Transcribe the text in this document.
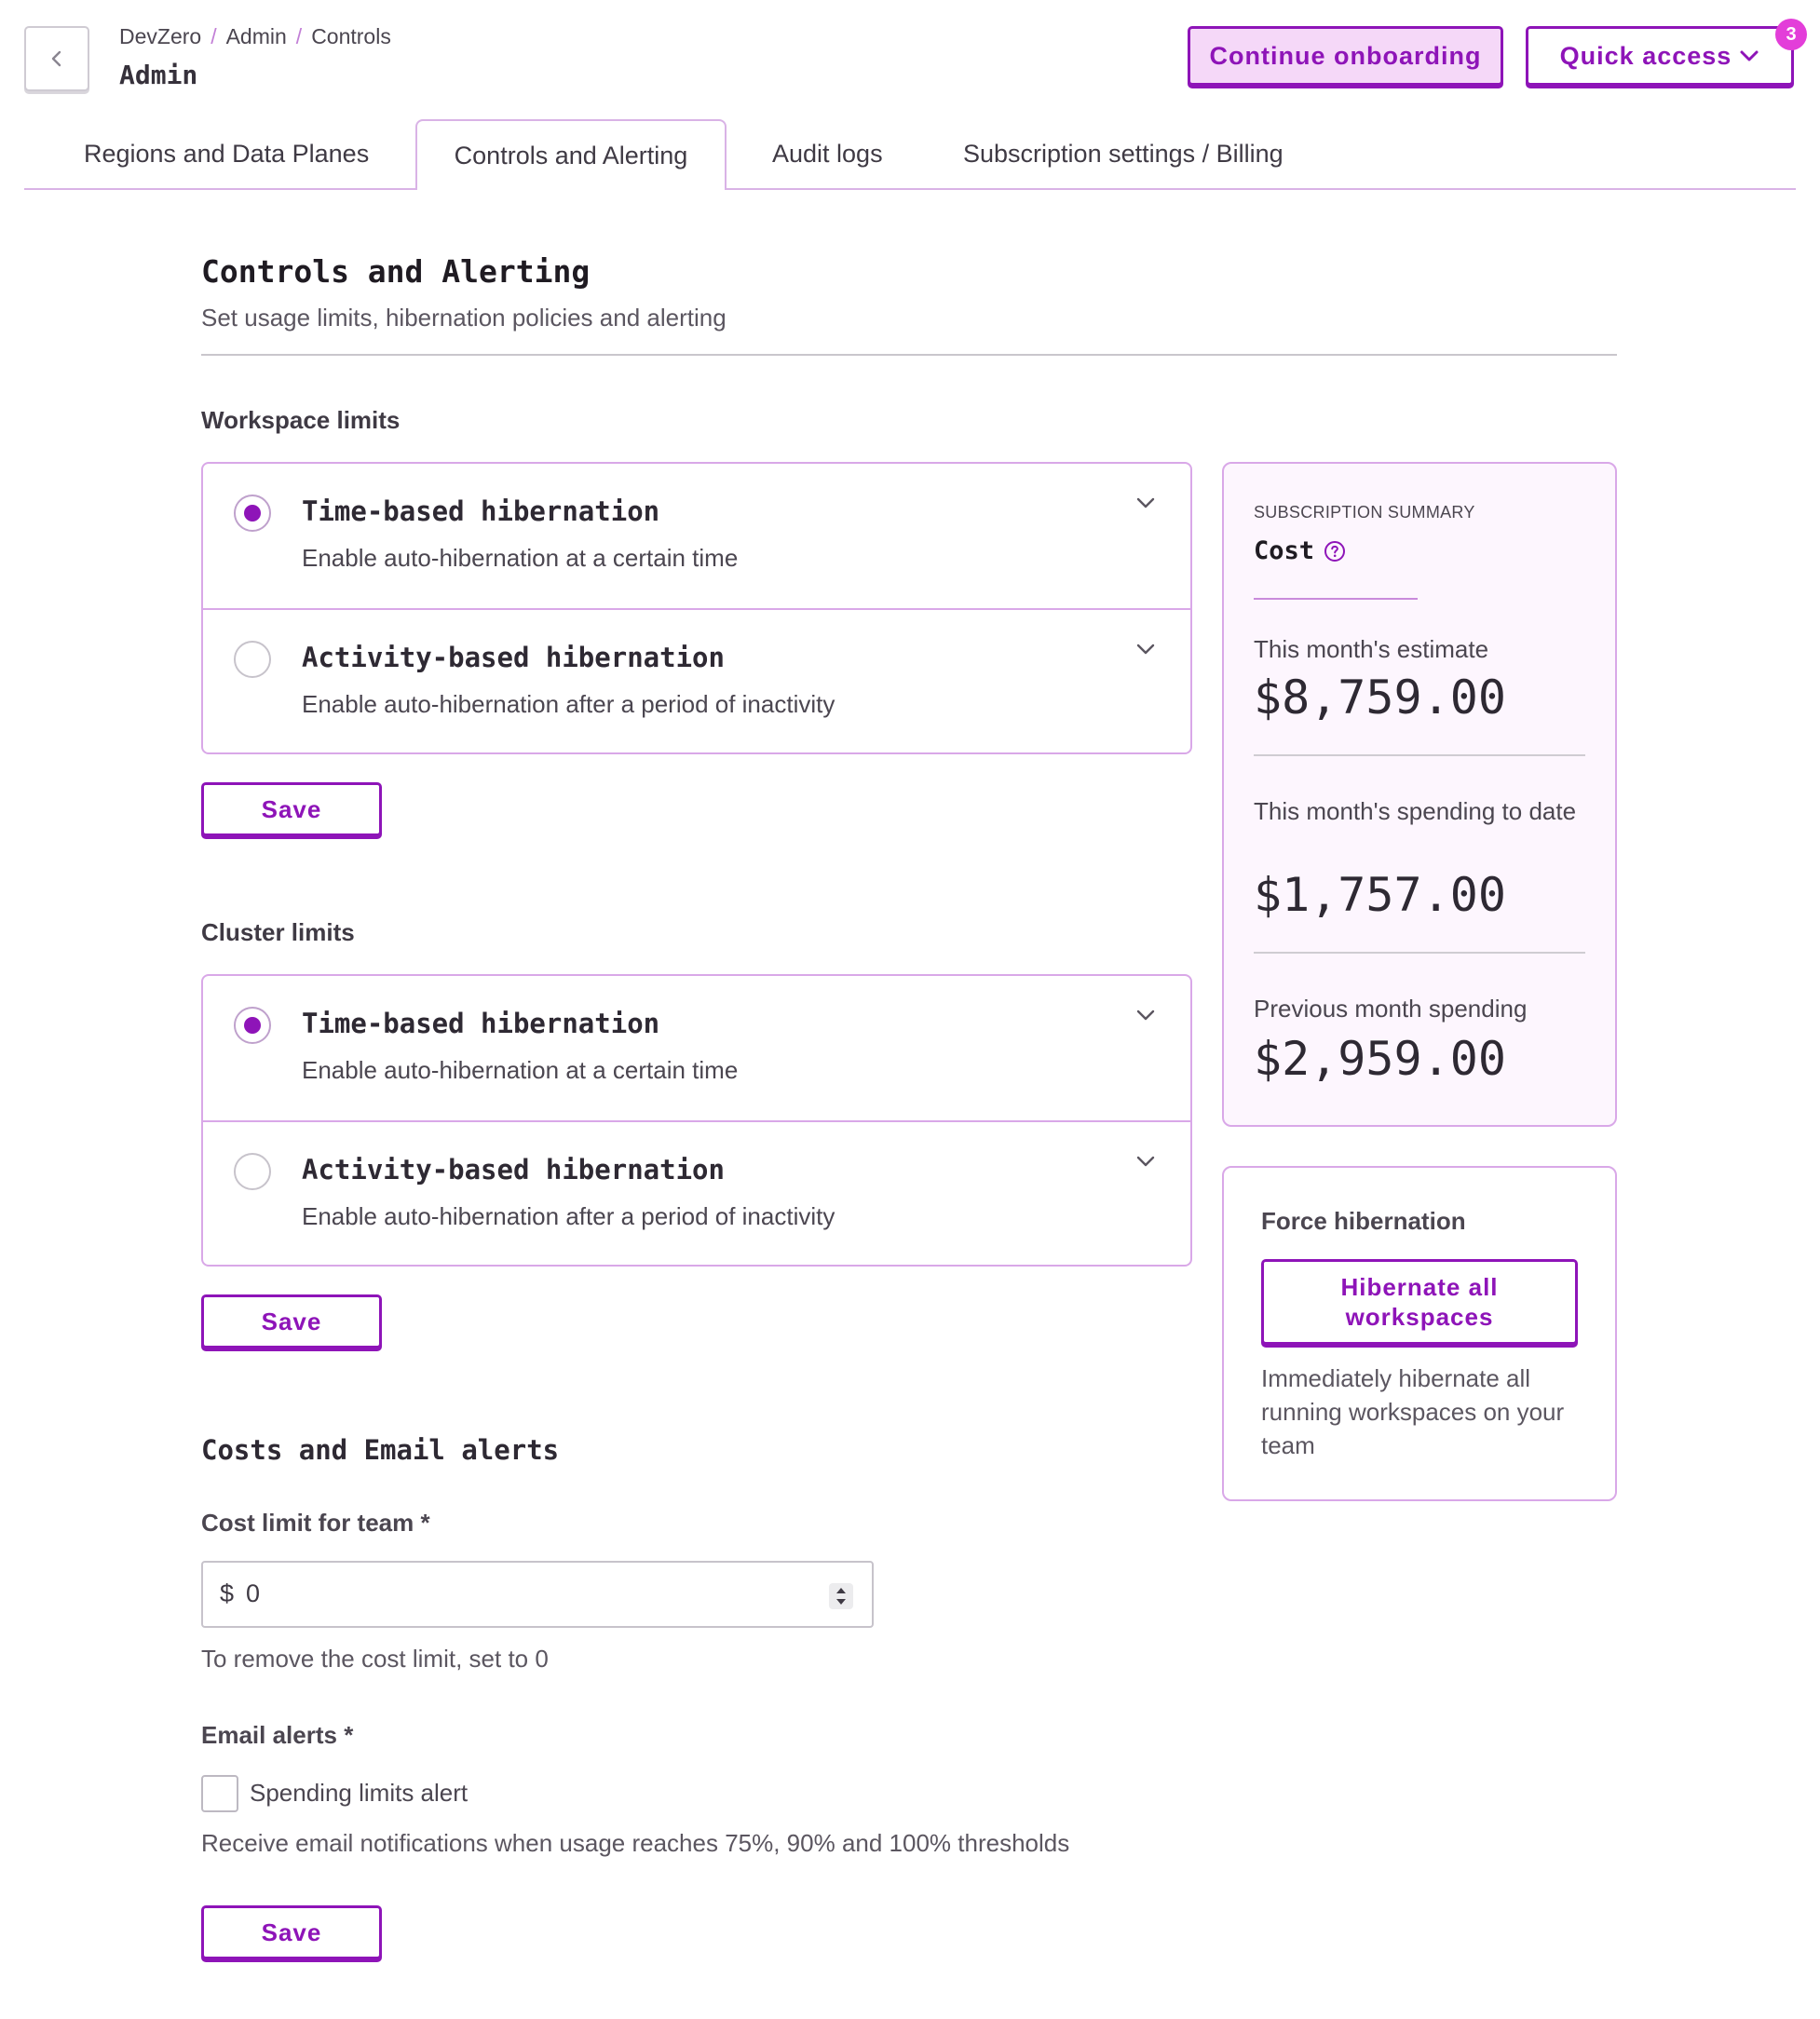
DevZero / Admin / Controls
Admin
Continue onboarding	Quick access
3
Regions and Data Planes	Controls and Alerting	Audit logs	Subscription settings / Billing
Controls and Alerting
Set usage limits, hibernation policies and alerting
Workspace limits
Time-based hibernation
Enable auto-hibernation at a certain time
Activity-based hibernation
Enable auto-hibernation after a period of inactivity
Save
Cluster limits
Time-based hibernation
Enable auto-hibernation at a certain time
Activity-based hibernation
Enable auto-hibernation after a period of inactivity
Save
SUBSCRIPTION SUMMARY
Cost
This month's estimate
$8,759.00
This month's spending to date
$1,757.00
Previous month spending
$2,959.00
Force hibernation
Hibernate all workspaces
Immediately hibernate all running workspaces on your team
Costs and Email alerts
Cost limit for team *
$ 0
To remove the cost limit, set to 0
Email alerts *
Spending limits alert
Receive email notifications when usage reaches 75%, 90% and 100% thresholds
Save
